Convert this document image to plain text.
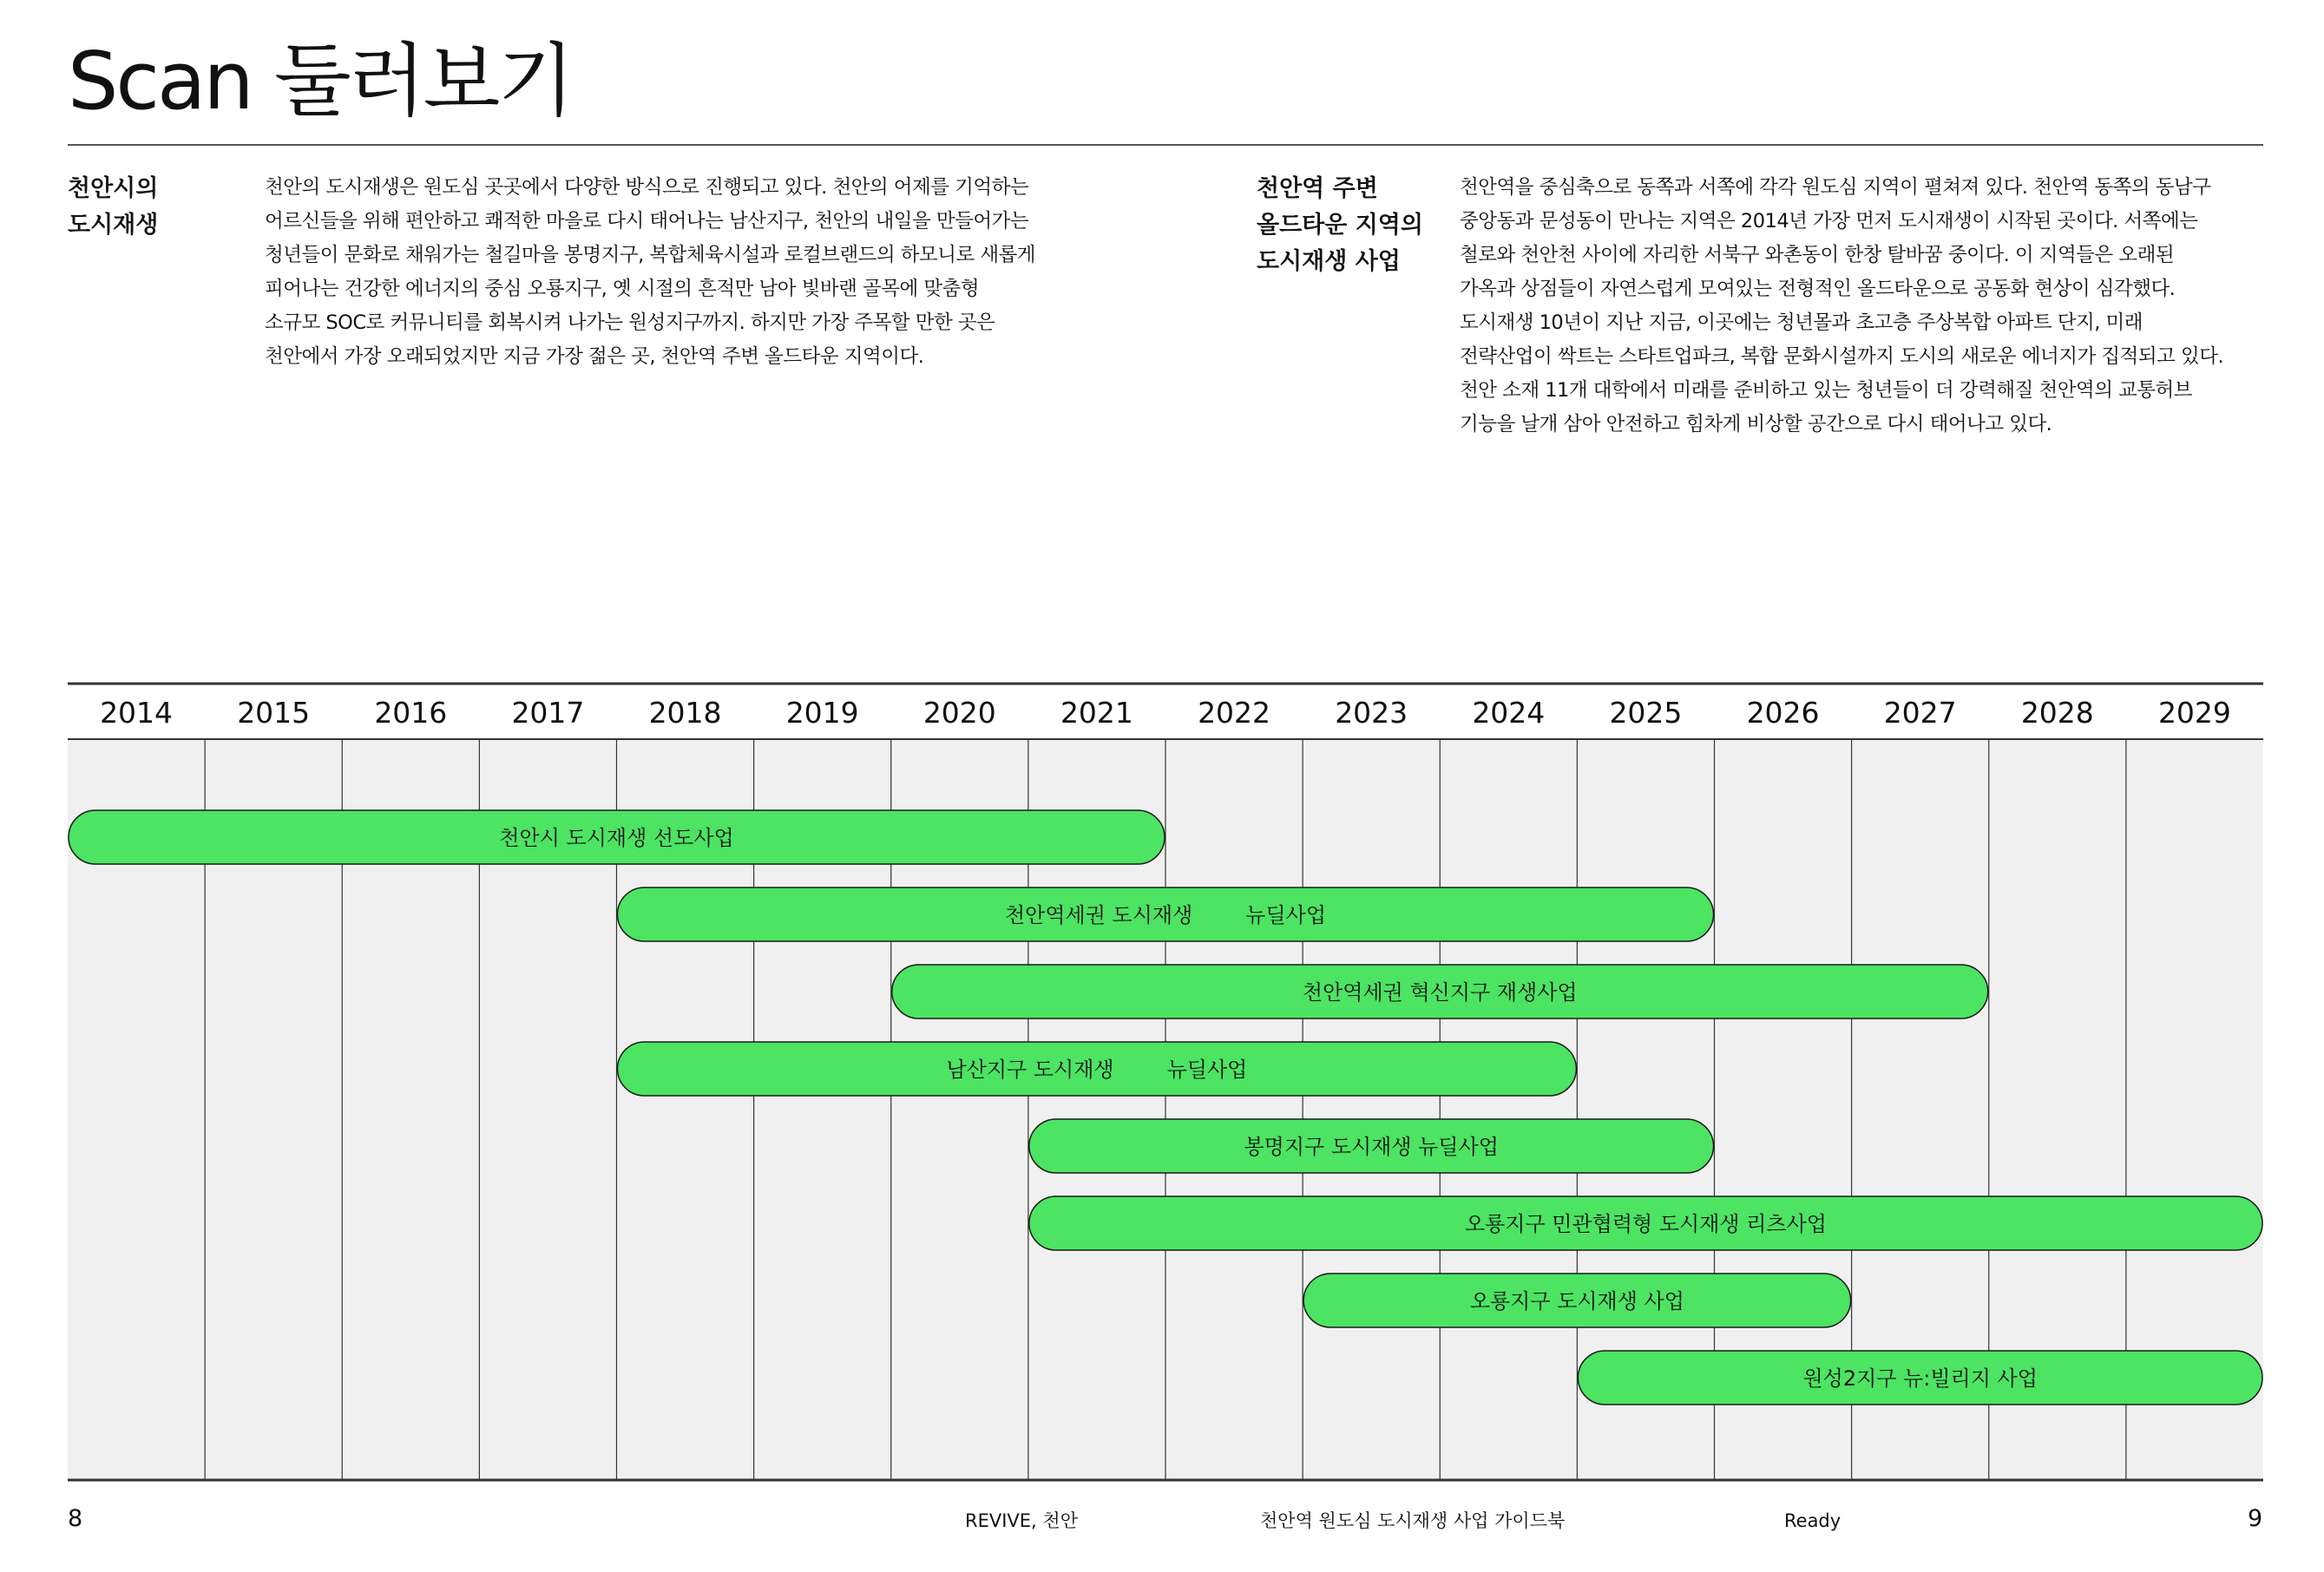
Scan 둘러보기
천안시의
도시재생
천안의 도시재생은 원도심 곳곳에서 다양한 방식으로 진행되고 있다. 천안의 어제를 기억하는
어르신들을 위해 편안하고 쾌적한 마을로 다시 태어나는 남산지구, 천안의 내일을 만들어가는
청년들이 문화로 채워가는 철길마을 봉명지구, 복합체육시설과 로컬브랜드의 하모니로 새롭게
피어나는 건강한 에너지의 중심 오룡지구, 옛 시절의 흔적만 남아 빛바랜 골목에 맞춤형
소규모 SOC로 커뮤니티를 회복시켜 나가는 원성지구까지. 하지만 가장 주목할 만한 곳은
천안에서 가장 오래되었지만 지금 가장 젊은 곳, 천안역 주변 올드타운 지역이다.
천안역 주변
올드타운 지역의
도시재생 사업
천안역을 중심축으로 동쪽과 서쪽에 각각 원도심 지역이 펼쳐져 있다. 천안역 동쪽의 동남구
중앙동과 문성동이 만나는 지역은 2014년 가장 먼저 도시재생이 시작된 곳이다. 서쪽에는
철로와 천안천 사이에 자리한 서북구 와촌동이 한창 탈바꿈 중이다. 이 지역들은 오래된
가옥과 상점들이 자연스럽게 모여있는 전형적인 올드타운으로 공동화 현상이 심각했다.
도시재생 10년이 지난 지금, 이곳에는 청년몰과 초고층 주상복합 아파트 단지, 미래
전략산업이 싹트는 스타트업파크, 복합 문화시설까지 도시의 새로운 에너지가 집적되고 있다.
천안 소재 11개 대학에서 미래를 준비하고 있는 청년들이 더 강력해질 천안역의 교통허브
기능을 날개 삼아 안전하고 힘차게 비상할 공간으로 다시 태어나고 있다.
2014 2015 2016 2017 2018 2019 2020 2021 2022 2023 2024 2025 2026 2027 2028 2029
천안시 도시재생 선도사업
천안역세권 도시재생        뉴딜사업
천안역세권 혁신지구 재생사업
남산지구 도시재생        뉴딜사업
봉명지구 도시재생 뉴딜사업
오룡지구 민관협력형 도시재생 리츠사업
오룡지구 도시재생 사업
원성2지구 뉴:빌리지 사업
8	REVIVE, 천안	천안역 원도심 도시재생 사업 가이드북	Ready	9
